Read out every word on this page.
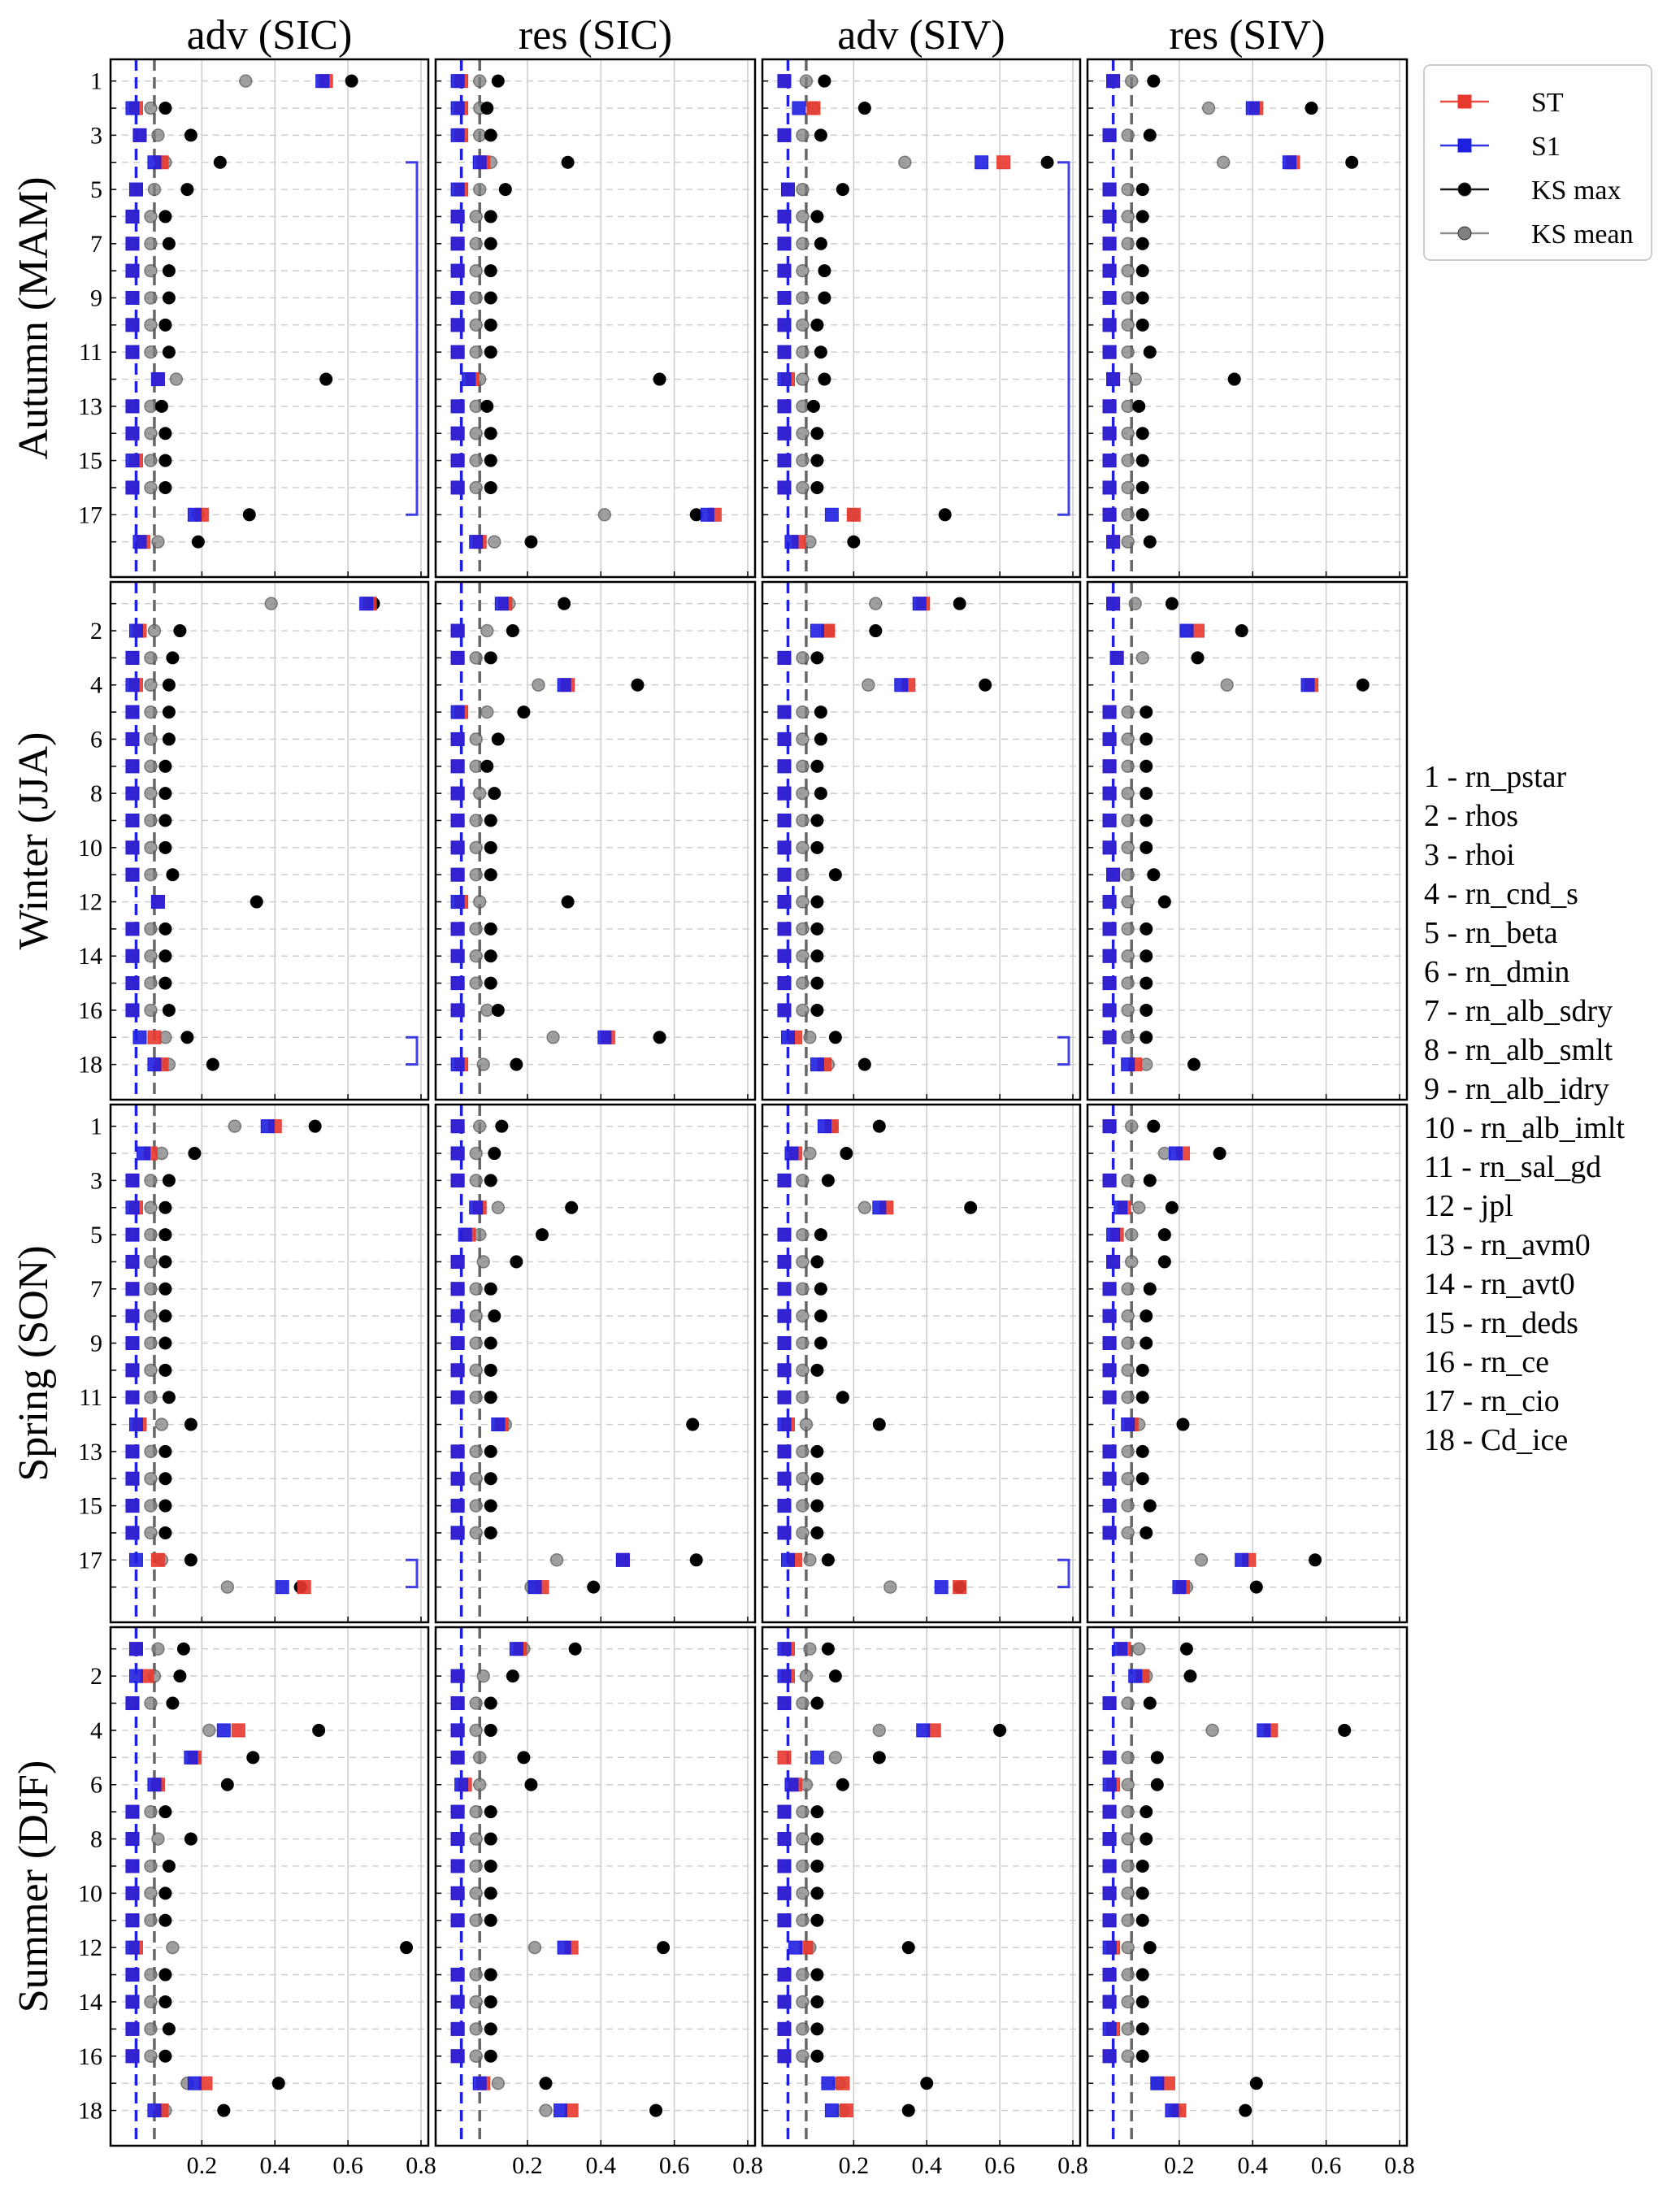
adv (SIC)	res (SIC)	adv (SIV)	res (SIV)
Autumn (MAM)
Winter (JJA)
Spring (SON)
Summer (DJF)
1
3
5
7
9
11
13
15
17
2
4
6
8
10
12
14
16
18
1
3
5
7
9
11
13
15
17
2
4
6
8
10
12
14
16
18
0.2 0.4 0.6 0.8	0.2 0.4 0.6 0.8	0.2 0.4 0.6 0.8	0.2 0.4 0.6 0.8
ST
S1
KS max
KS mean
1 - rn_pstar
2 - rhos
3 - rhoi
4 - rn_cnd_s
5 - rn_beta
6 - rn_dmin
7 - rn_alb_sdry
8 - rn_alb_smlt
9 - rn_alb_idry
10 - rn_alb_imlt
11 - rn_sal_gd
12 - jpl
13 - rn_avm0
14 - rn_avt0
15 - rn_deds
16 - rn_ce
17 - rn_cio
18 - Cd_ice
